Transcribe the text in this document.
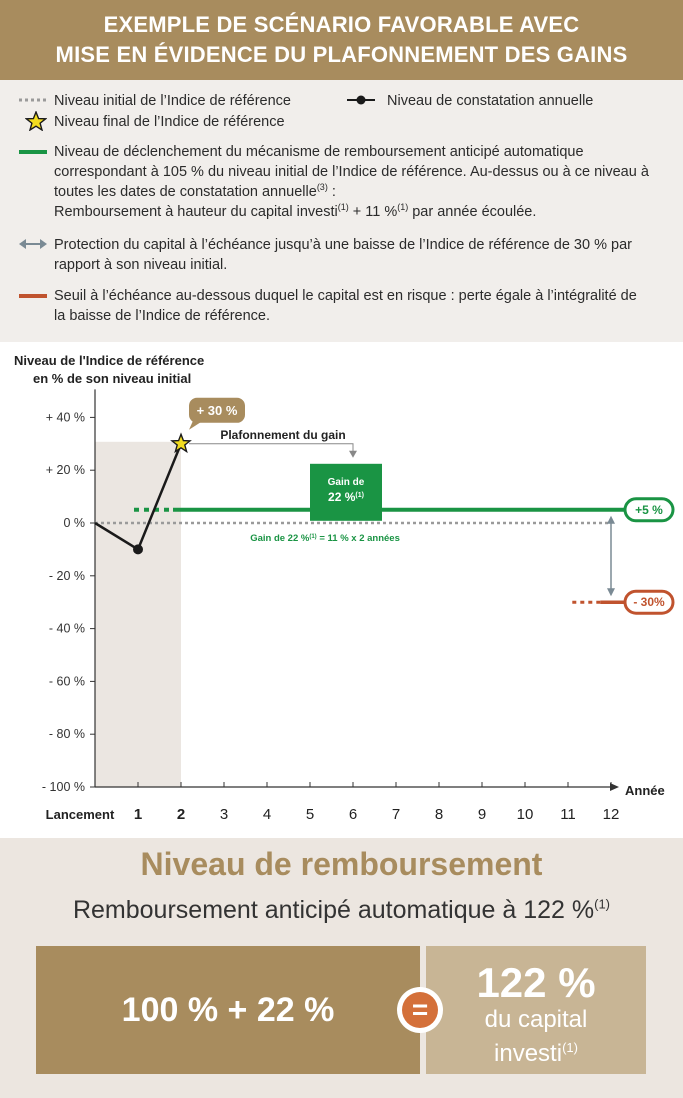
EXEMPLE DE SCÉNARIO FAVORABLE AVEC
MISE EN ÉVIDENCE DU PLAFONNEMENT DES GAINS
Niveau initial de l’Indice de référence	Niveau de constatation annuelle
Niveau final de l’Indice de référence
Niveau de déclenchement du mécanisme de remboursement anticipé automatique
correspondant à 105 % du niveau initial de l’Indice de référence. Au-dessus ou à ce niveau à
toutes les dates de constatation annuelle$^{(3)}$ :
Remboursement à hauteur du capital investi$^{(1)}$ + 11 %$^{(1)}$ par année écoulée.
Protection du capital à l’échéance jusqu’à une baisse de l’Indice de référence de 30 % par
rapport à son niveau initial.
Seuil à l’échéance au-dessous duquel le capital est en risque : perte égale à l’intégralité de
la baisse de l’Indice de référence.
Niveau de l'Indice de référence
en % de son niveau initial
+ 40 %
+ 20 %
0 %
- 20 %
- 40 %
- 60 %
- 80 %
- 100 %
Lancement 1 2 3 4 5 6 7 8 9 10 11 12
Année
+ 30 %
Plafonnement du gain
Gain de
22 %$^{(1)}$
Gain de 22 %$^{(1)}$ = 11 % x 2 années
+5 %
- 30%
Niveau de remboursement
Remboursement anticipé automatique à 122 %$^{(1)}$
100 % + 22 %
122 %
du capital
investi$^{(1)}$
=
